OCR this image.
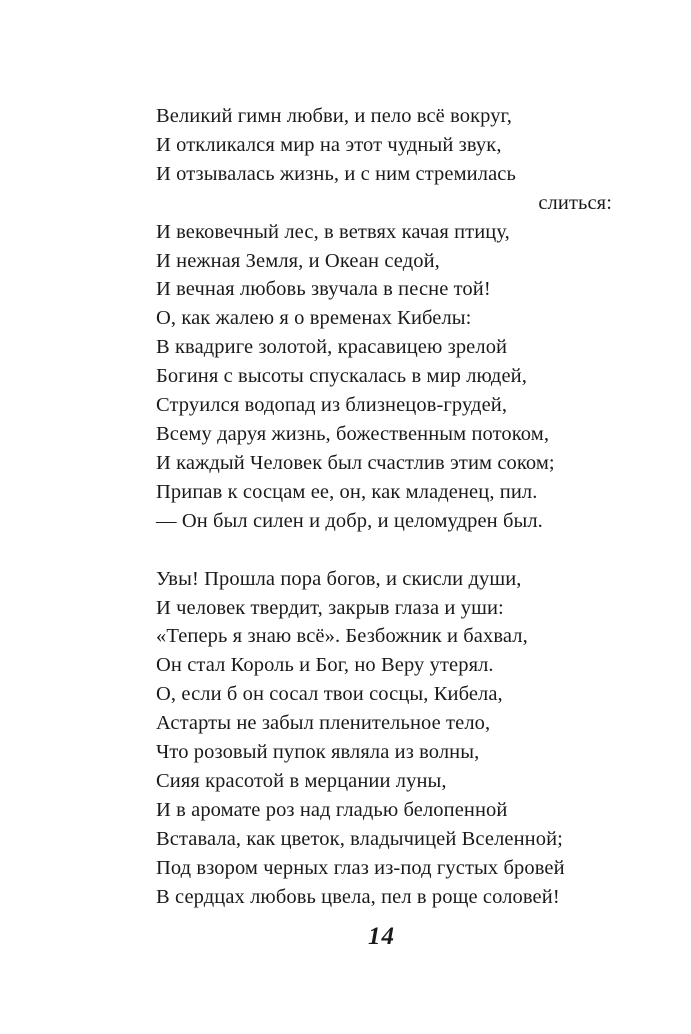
Великий гимн любви, и пело всё вокруг,
И откликался мир на этот чудный звук,
И отзывалась жизнь, и с ним стремилась
слиться:
И вековечный лес, в ветвях качая птицу,
И нежная Земля, и Океан седой,
И вечная любовь звучала в песне той!
О, как жалею я о временах Кибелы:
В квадриге золотой, красавицею зрелой
Богиня с высоты спускалась в мир людей,
Струился водопад из близнецов-грудей,
Всему даруя жизнь, божественным потоком,
И каждый Человек был счастлив этим соком;
Припав к сосцам ее, он, как младенец, пил.
— Он был силен и добр, и целомудрен был.
Увы! Прошла пора богов, и скисли души,
И человек твердит, закрыв глаза и уши:
«Теперь я знаю всё». Безбожник и бахвал,
Он стал Король и Бог, но Веру утерял.
О, если б он сосал твои сосцы, Кибела,
Астарты не забыл пленительное тело,
Что розовый пупок являла из волны,
Сияя красотой в мерцании луны,
И в аромате роз над гладью белопенной
Вставала, как цветок, владычицей Вселенной;
Под взором черных глаз из-под густых бровей
В сердцах любовь цвела, пел в роще соловей!
14
